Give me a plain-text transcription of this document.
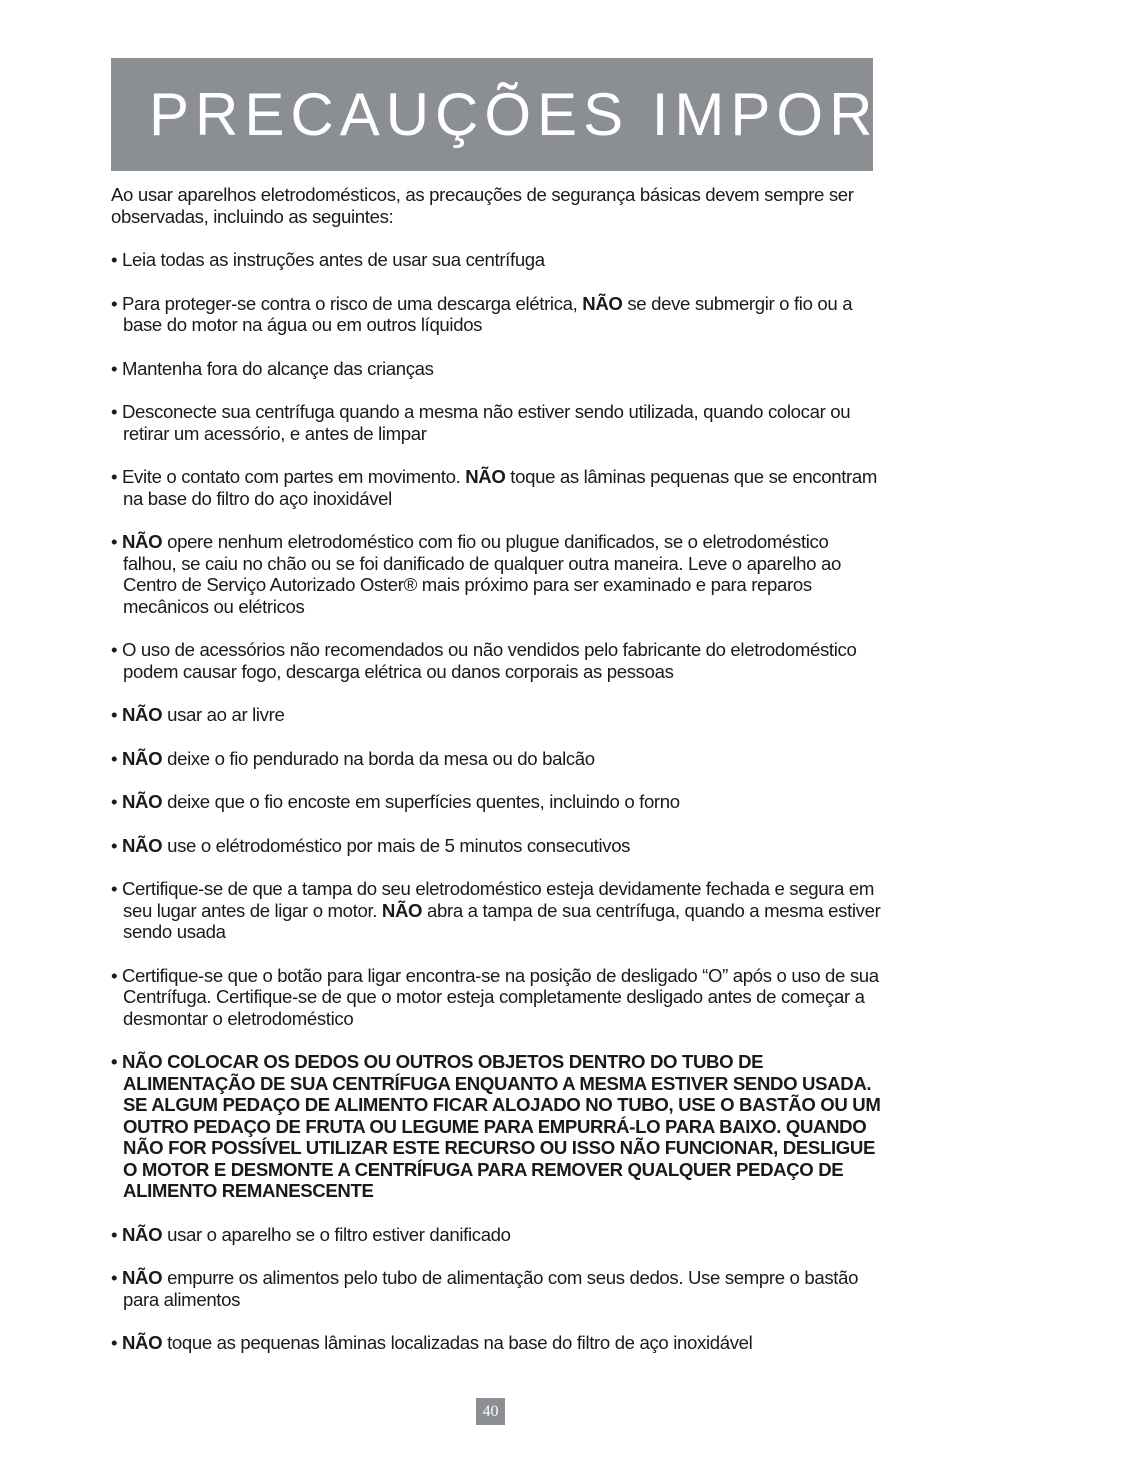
PRECAUÇÕES IMPORTANTES

Ao usar aparelhos eletrodomésticos, as precauções de segurança básicas devem sempre ser observadas, incluindo as seguintes:

• Leia todas as instruções antes de usar sua centrífuga

• Para proteger-se contra o risco de uma descarga elétrica, NÃO se deve submergir o fio ou a base do motor na água ou em outros líquidos

• Mantenha fora do alcançe das crianças

• Desconecte sua centrífuga quando a mesma não estiver sendo utilizada, quando colocar ou retirar um acessório, e antes de limpar

• Evite o contato com partes em movimento. NÃO toque as lâminas pequenas que se encontram na base do filtro do aço inoxidável

• NÃO opere nenhum eletrodoméstico com fio ou plugue danificados, se o eletrodoméstico falhou, se caiu no chão ou se foi danificado de qualquer outra maneira. Leve o aparelho ao Centro de Serviço Autorizado Oster® mais próximo para ser examinado e para reparos mecânicos ou elétricos

• O uso de acessórios não recomendados ou não vendidos pelo fabricante do eletrodoméstico podem causar fogo, descarga elétrica ou danos corporais as pessoas

• NÃO usar ao ar livre

• NÃO deixe o fio pendurado na borda da mesa ou do balcão

• NÃO deixe que o fio encoste em superfícies quentes, incluindo o forno

• NÃO use o elétrodoméstico por mais de 5 minutos consecutivos

• Certifique-se de que a tampa do seu eletrodoméstico esteja devidamente fechada e segura em seu lugar antes de ligar o motor. NÃO abra a tampa de sua centrífuga, quando a mesma estiver sendo usada

• Certifique-se que o botão para ligar encontra-se na posição de desligado “O” após o uso de sua Centrífuga. Certifique-se de que o motor esteja completamente desligado antes de começar a desmontar o eletrodoméstico

• NÃO COLOCAR OS DEDOS OU OUTROS OBJETOS DENTRO DO TUBO DE ALIMENTAÇÃO DE SUA CENTRÍFUGA ENQUANTO A MESMA ESTIVER SENDO USADA. SE ALGUM PEDAÇO DE ALIMENTO FICAR ALOJADO NO TUBO, USE O BASTÃO OU UM OUTRO PEDAÇO DE FRUTA OU LEGUME PARA EMPURRÁ-LO PARA BAIXO. QUANDO NÃO FOR POSSÍVEL UTILIZAR ESTE RECURSO OU ISSO NÃO FUNCIONAR, DESLIGUE O MOTOR E DESMONTE A CENTRÍFUGA PARA REMOVER QUALQUER PEDAÇO DE ALIMENTO REMANESCENTE

• NÃO usar o aparelho se o filtro estiver danificado

• NÃO empurre os alimentos pelo tubo de alimentação com seus dedos. Use sempre o bastão para alimentos

• NÃO toque as pequenas lâminas localizadas na base do filtro de aço inoxidável

40
